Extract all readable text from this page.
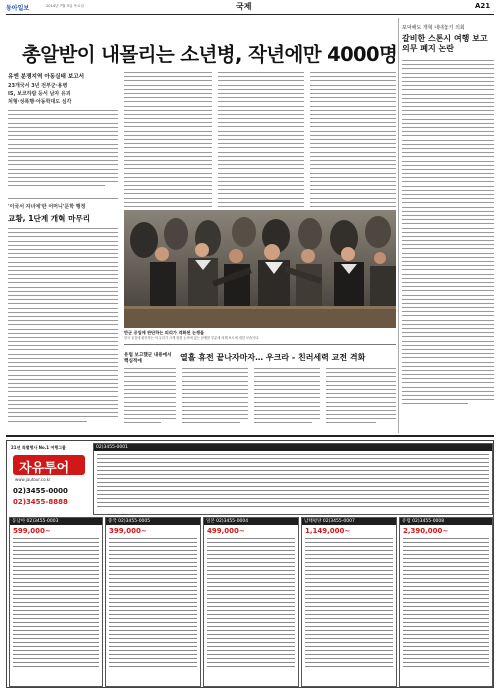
동아일보	2014년 7월 3일 목요일	국제	A21
총알받이 내몰리는 소년병, 작년에만 4000명
포덕해도 개혁 내내놓기 의회
갈비한 스톤시 여행 보고의무 폐지 논란
유엔 분쟁지역 아동실태 보고서
23개국서 3년 전부군·용병
IS, 보코하람 등서 남자 유괴
처형·성폭행·아동학대도 심각
'이국서 자녀에'란 어머니'문학 행정
교황, 1단계 개혁 마무리
반군 공입에 판단하는 의리가 격화된 논쟁을
한국 공감에 판단하는 의 우리가 크게 잘한 논의에 있는 문제를 부분에 의해 보도에 대한 모습이다.
열흘 휴전 끝나자마자… 우크라 - 친러세력 교전 격화
유럽 보고했군 내용에서 핵심적에
21년 특별행사 No.1 여행그룹
자유투어
www.jautour.co.kr
02)3455-0000
02)3455-8888
02)3455-0001
동남아 02)3455-0003
599,000~
중국 02)3455-0005
399,000~
일본 02)3455-0004
499,000~
남태평양 02)3455-0007
1,149,000~
유럽 02)3455-0008
2,390,000~
